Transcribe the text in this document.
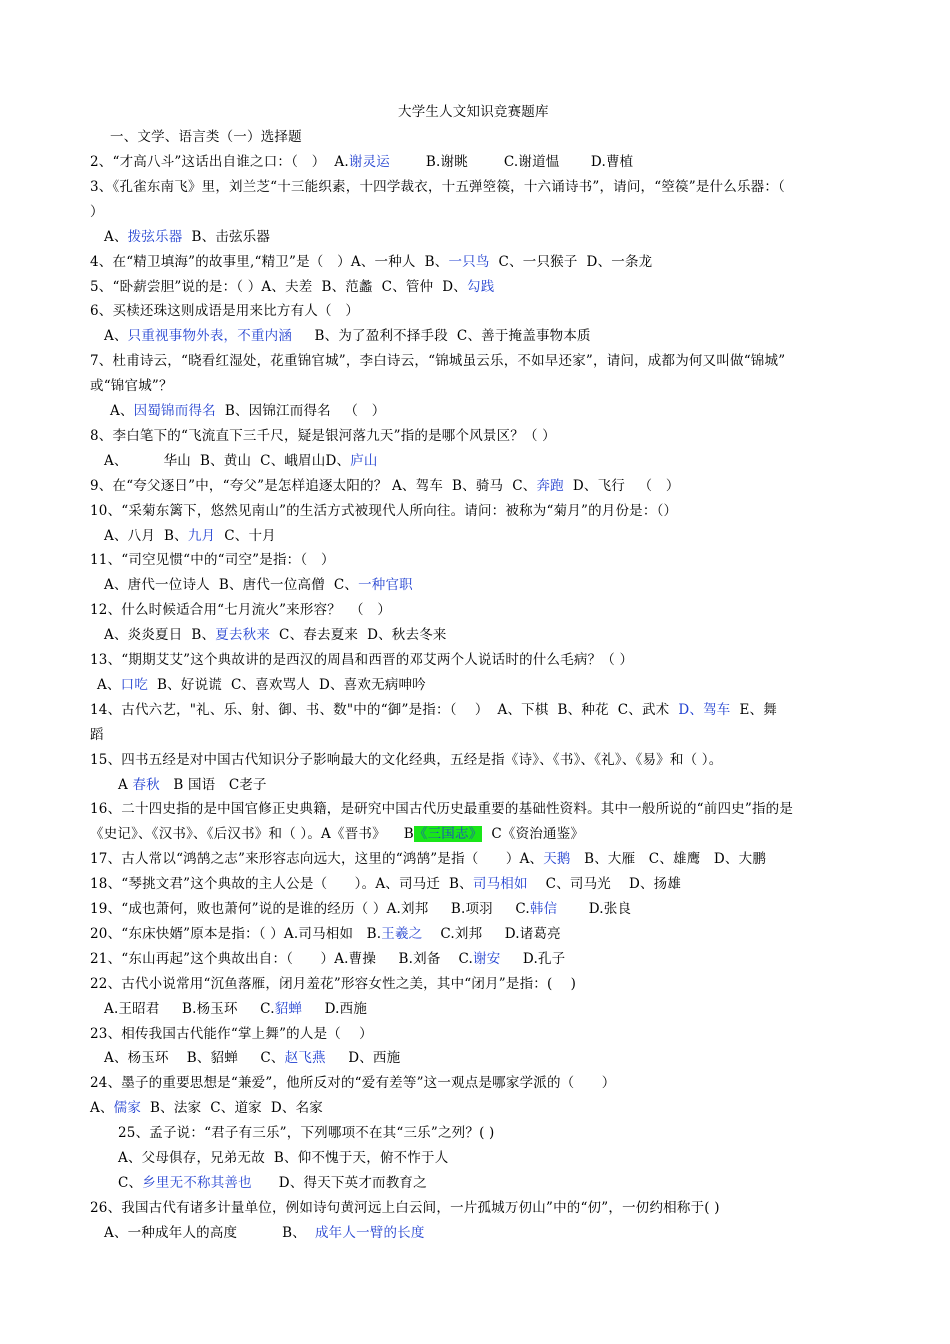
大学生人文知识竞赛题库
一、文学、语言类（一）选择题
2、“才高八斗”这话出自谁之口：（　）  A.谢灵运        B.谢眺        C.谢道愠       D.曹植
3、《孔雀东南飞》里，刘兰芝“十三能织素，十四学裁衣，十五弹箜篌，十六诵诗书”，请问，“箜篌”是什么乐器：（
）
A、拨弦乐器  B、击弦乐器
4、在“精卫填海”的故事里,“精卫”是（　）A、一种人  B、一只鸟  C、一只猴子  D、一条龙
5、“卧薪尝胆”说的是：（ ）A、夫差  B、范蠡  C、管仲  D、勾践
6、买椟还珠这则成语是用来比方有人（　）
A、只重视事物外表，不重内涵     B、为了盈利不择手段  C、善于掩盖事物本质
7、杜甫诗云，“晓看红湿处，花重锦官城”，李白诗云，“锦城虽云乐，不如早还家”，请问，成都为何又叫做“锦城”
或“锦官城”？
A、因蜀锦而得名  B、因锦江而得名   （　）
8、李白笔下的“飞流直下三千尺，疑是银河落九天”指的是哪个风景区？（ ）
A、        华山  B、黄山  C、峨眉山D、庐山
9、在“夸父逐日”中，“夸父”是怎样追逐太阳的？ A、驾车  B、骑马  C、奔跑  D、飞行   （　）
10、“采菊东篱下，悠然见南山”的生活方式被现代人所向往。请问：被称为“菊月”的月份是：（）
A、八月  B、九月  C、十月
11、“司空见惯“中的“司空”是指：（　）
A、唐代一位诗人  B、唐代一位高僧  C、一种官职
12、什么时候适合用“七月流火”来形容？  （　）
A、炎炎夏日  B、夏去秋来  C、春去夏来  D、秋去冬来
13、“期期艾艾”这个典故讲的是西汉的周昌和西晋的邓艾两个人说话时的什么毛病？（ ）
A、口吃  B、好说谎  C、喜欢骂人  D、喜欢无病呻吟
14、古代六艺，"礼、乐、射、御、书、数"中的“御”是指：（　 ）  A、下棋  B、种花  C、武术  D、驾车  E、舞
蹈
15、四书五经是对中国古代知识分子影响最大的文化经典，五经是指《诗》、《书》、《礼》、《易》和（ ）。
A 春秋   B 国语   C老子
16、二十四史指的是中国官修正史典籍，是研究中国古代历史最重要的基础性资料。其中一般所说的“前四史”指的是
《史记》、《汉书》、《后汉书》和（ ）。A《晋书》    B《三国志》  C《资治通鉴》
17、古人常以“鸿鹄之志”来形容志向远大，这里的“鸿鹄”是指（　　）A、天鹅   B、大雁   C、雄鹰   D、大鹏
18、“琴挑文君”这个典故的主人公是（　　）。A、司马迁  B、司马相如    C、司马光    D、扬雄
19、“成也萧何，败也萧何”说的是谁的经历（ ）A.刘邦     B.项羽     C.韩信       D.张良
20、“东床快婿”原本是指：（ ）A.司马相如   B.王羲之    C.刘邦     D.诸葛亮
21、“东山再起”这个典故出自：（　　）A.曹操     B.刘备    C.谢安     D.孔子
22、古代小说常用“沉鱼落雁，闭月羞花”形容女性之美，其中“闭月”是指：(　 )
A.王昭君     B.杨玉环     C.貂蝉     D.西施
23、相传我国古代能作“掌上舞”的人是（　 ）
A、杨玉环    B、貂蝉     C、赵飞燕     D、西施
24、墨子的重要思想是“兼爱”，他所反对的“爱有差等”这一观点是哪家学派的（　　）
A、儒家  B、法家  C、道家  D、名家
25、孟子说：“君子有三乐”，下列哪项不在其“三乐”之列？( )
A、父母俱存，兄弟无故  B、仰不愧于天，俯不怍于人
C、乡里无不称其善也      D、得天下英才而教育之
26、我国古代有诸多计量单位，例如诗句黄河远上白云间，一片孤城万仞山”中的“仞”，一仞约相称于( )
A、一种成年人的高度          B、  成年人一臂的长度
